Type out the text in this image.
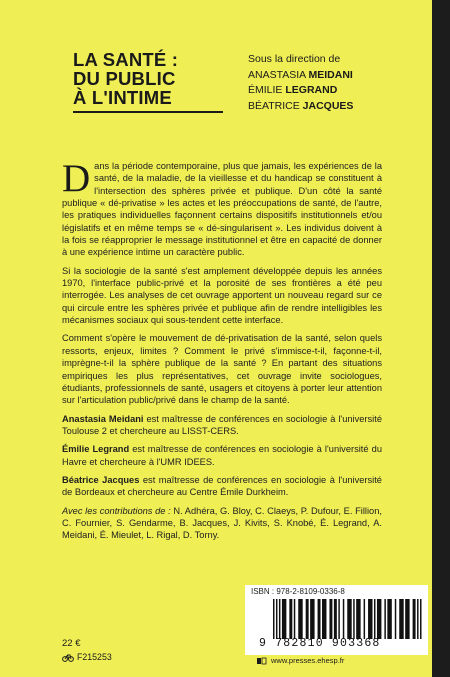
LA SANTÉ :
DU PUBLIC
À L'INTIME
Sous la direction de
ANASTASIA MEIDANI
ÉMILIE LEGRAND
BÉATRICE JACQUES

Dans la période contemporaine, plus que jamais, les expériences de la santé, de la maladie, de la vieillesse et du handicap se constituent à l'intersection des sphères privée et publique. D'un côté la santé publique « dé-privatise » les actes et les préoccupations de santé, de l'autre, les pratiques individuelles façonnent certains dispositifs institutionnels et/ou législatifs et en même temps se « dé-singularisent ». Les individus doivent à la fois se réapproprier le message institutionnel et être en capacité de donner à une expérience intime un caractère public.

Si la sociologie de la santé s'est amplement développée depuis les années 1970, l'interface public-privé et la porosité de ses frontières a été peu interrogée. Les analyses de cet ouvrage apportent un nouveau regard sur ce qui circule entre les sphères privée et publique afin de rendre intelligibles les mécanismes sociaux qui sous-tendent cette interface.

Comment s'opère le mouvement de dé-privatisation de la santé, selon quels ressorts, enjeux, limites ? Comment le privé s'immisce-t-il, façonne-t-il, imprègne-t-il la sphère publique de la santé ? En partant des situations empiriques les plus représentatives, cet ouvrage invite sociologues, étudiants, professionnels de santé, usagers et citoyens à porter leur attention sur l'articulation public/privé dans le champ de la santé.

Anastasia Meidani est maîtresse de conférences en sociologie à l'université Toulouse 2 et chercheure au LISST-CERS.

Émilie Legrand est maîtresse de conférences en sociologie à l'université du Havre et chercheure à l'UMR IDEES.

Béatrice Jacques est maîtresse de conférences en sociologie à l'université de Bordeaux et chercheure au Centre Émile Durkheim.

Avec les contributions de : N. Adhéra, G. Bloy, C. Claeys, P. Dufour, E. Fillion, C. Fournier, S. Gendarme, B. Jacques, J. Kivits, S. Knobé, É. Legrand, A. Meidani, É. Mieulet, L. Rigal, D. Torny.

ISBN : 978-2-8109-0336-8
9 782810 903368
22 €
F215253	www.presses.ehesp.fr
